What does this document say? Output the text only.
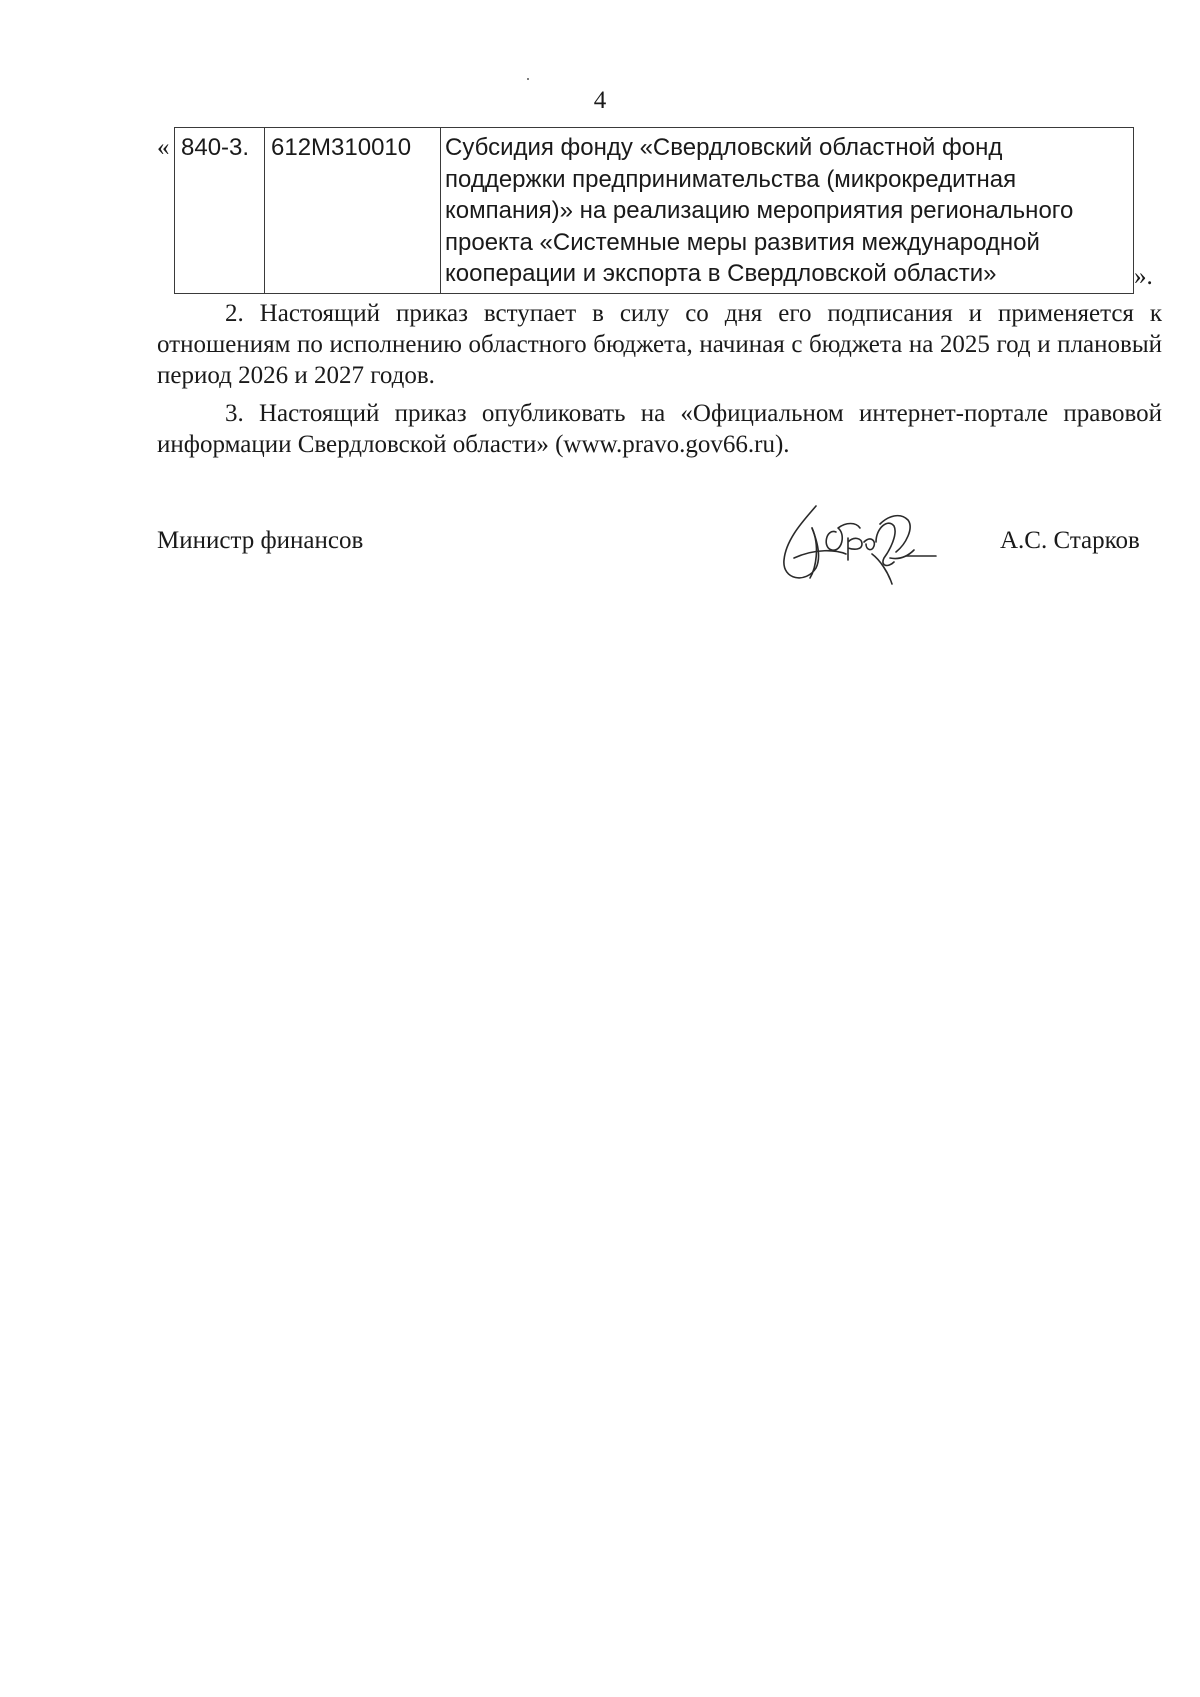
4
« 840-3.	612M310010	Субсидия фонду «Свердловский областной фонд поддержки предпринимательства (микрокредитная компания)» на реализацию мероприятия регионального проекта «Системные меры развития международной кооперации и экспорта в Свердловской области»	».

2. Настоящий приказ вступает в силу со дня его подписания и применяется к отношениям по исполнению областного бюджета, начиная с бюджета на 2025 год и плановый период 2026 и 2027 годов.

3. Настоящий приказ опубликовать на «Официальном интернет-портале правовой информации Свердловской области» (www.pravo.gov66.ru).

Министр финансов	А.С. Старков
